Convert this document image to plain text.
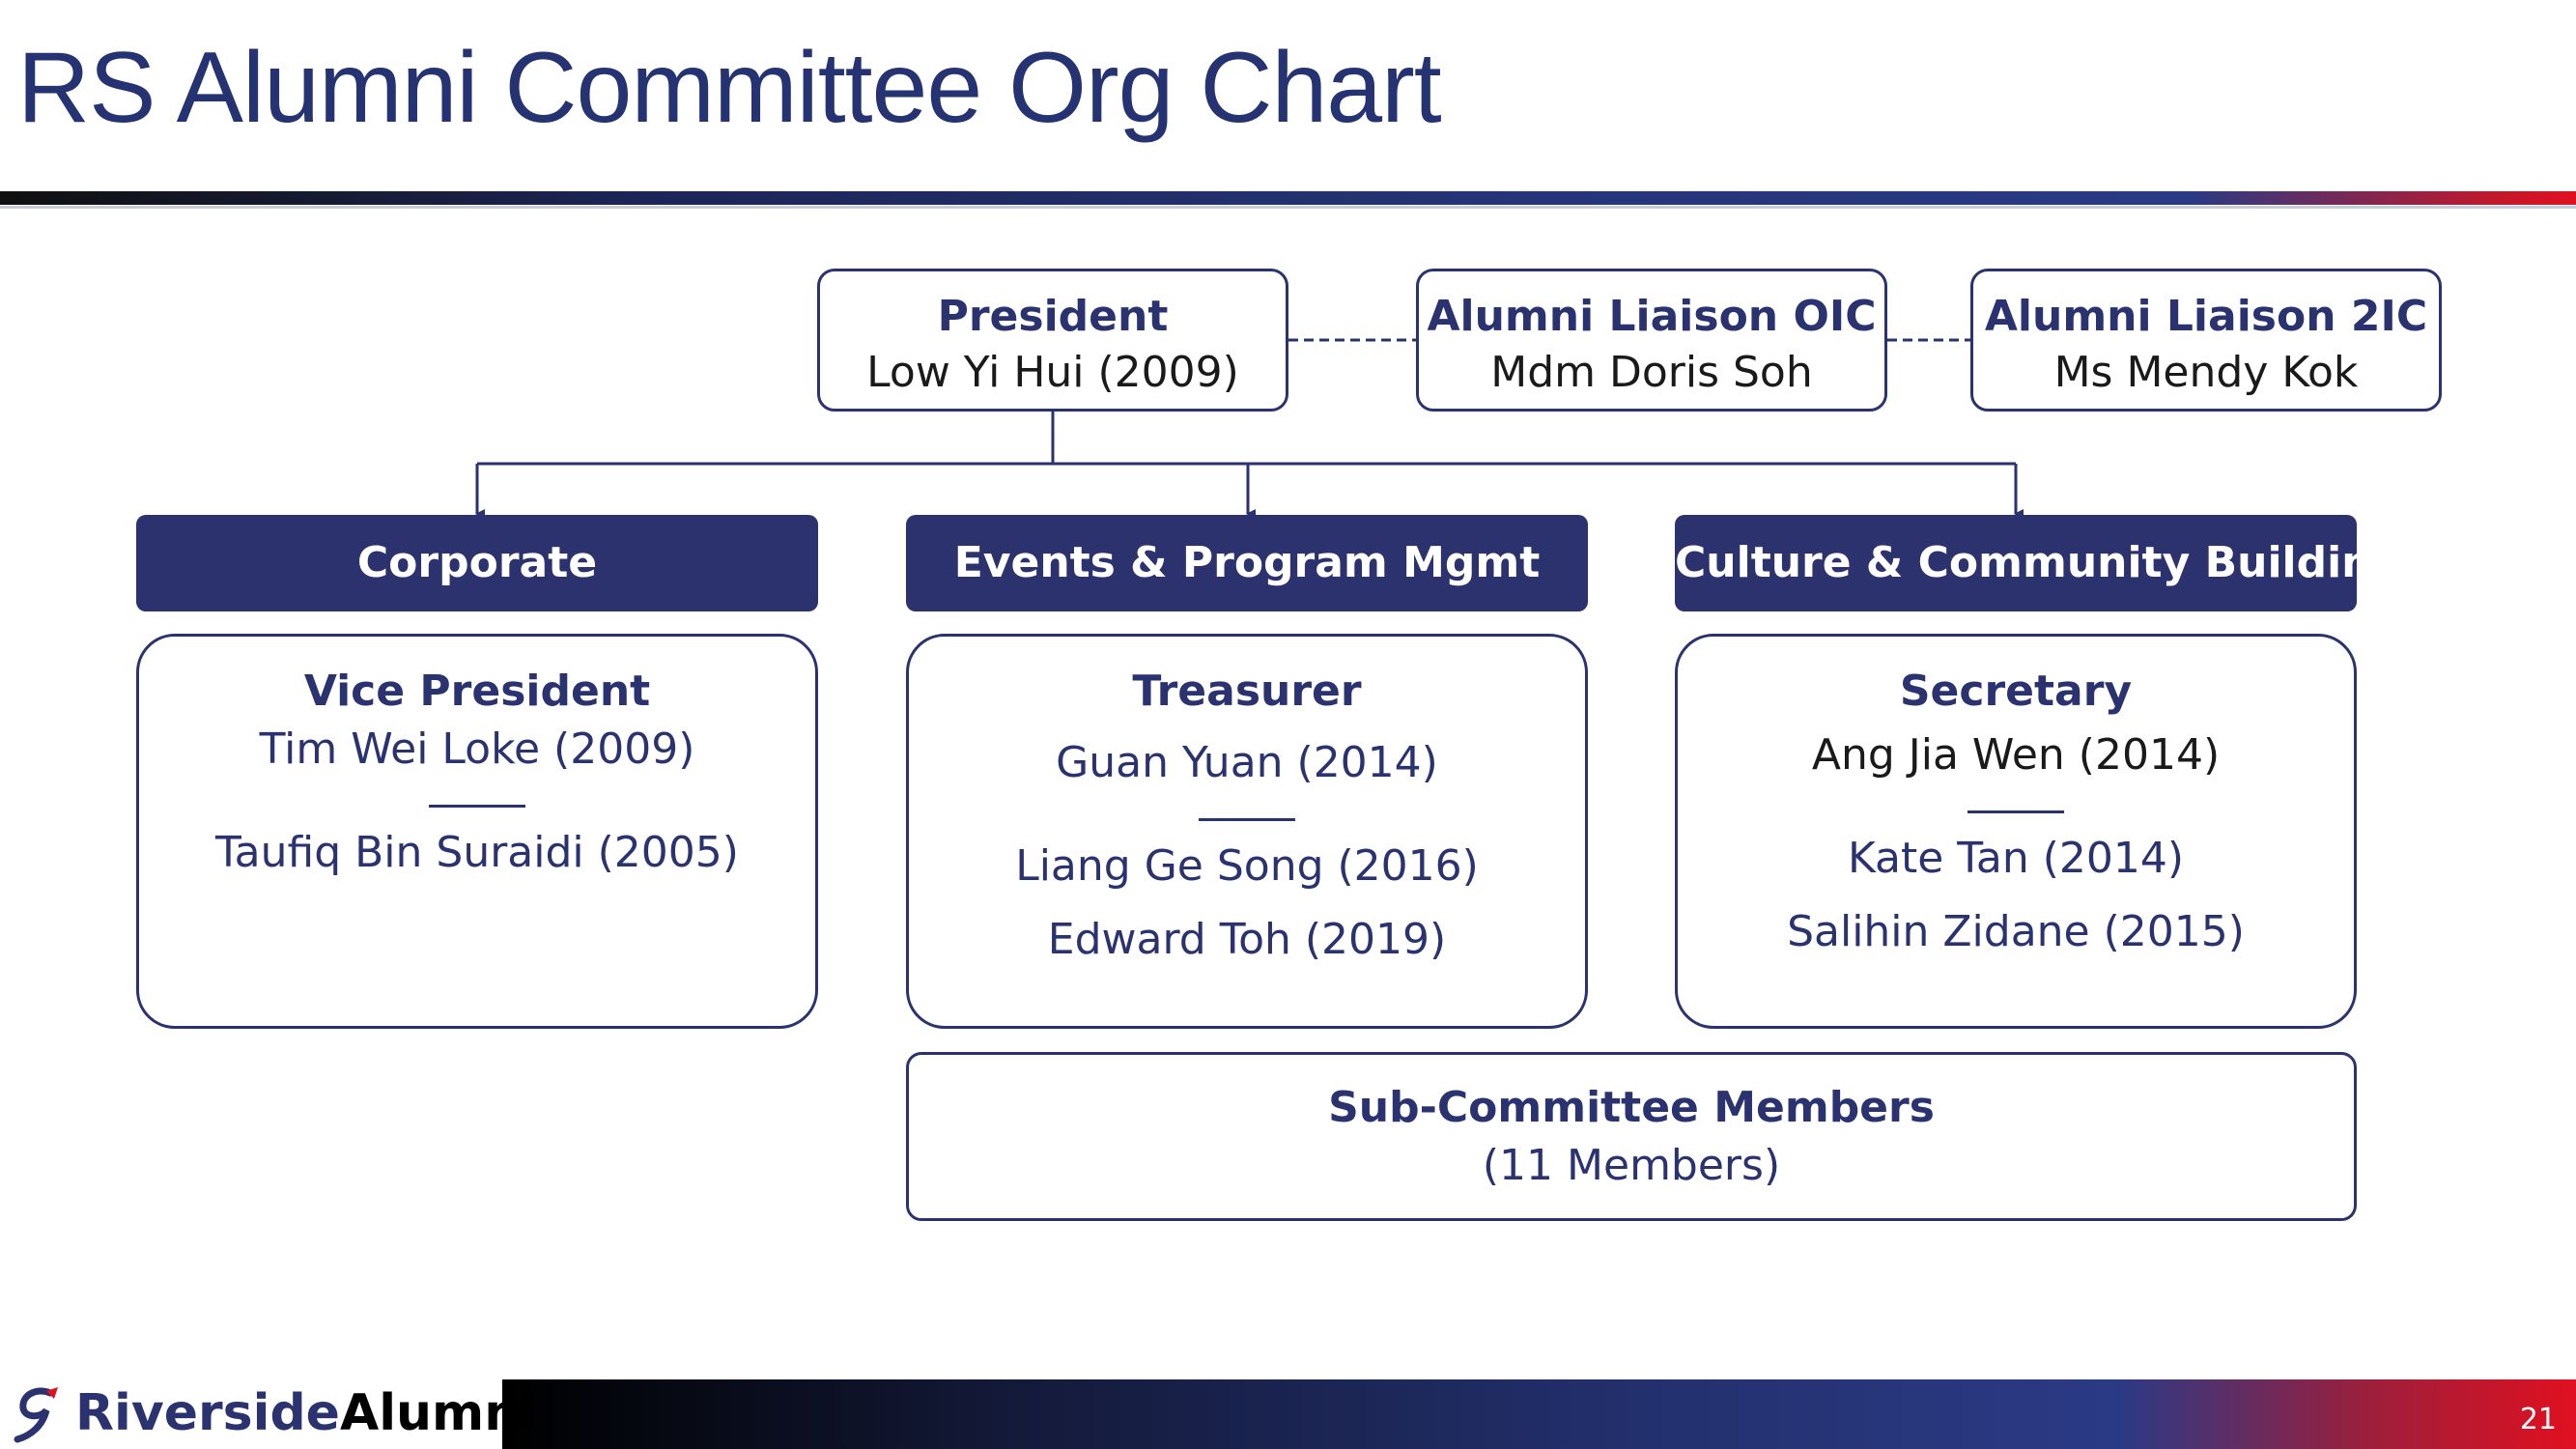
RS Alumni Committee Org Chart
President
Low Yi Hui (2009)
Alumni Liaison OIC
Mdm Doris Soh
Alumni Liaison 2IC
Ms Mendy Kok
Corporate	Events & Program Mgmt	Culture & Community Building
Vice President
Tim Wei Loke (2009)
Taufiq Bin Suraidi (2005)
Treasurer
Guan Yuan (2014)
Liang Ge Song (2016)
Edward Toh (2019)
Secretary
Ang Jia Wen (2014)
Kate Tan (2014)
Salihin Zidane (2015)
Sub-Committee Members
(11 Members)
RiversideAlumni	21
